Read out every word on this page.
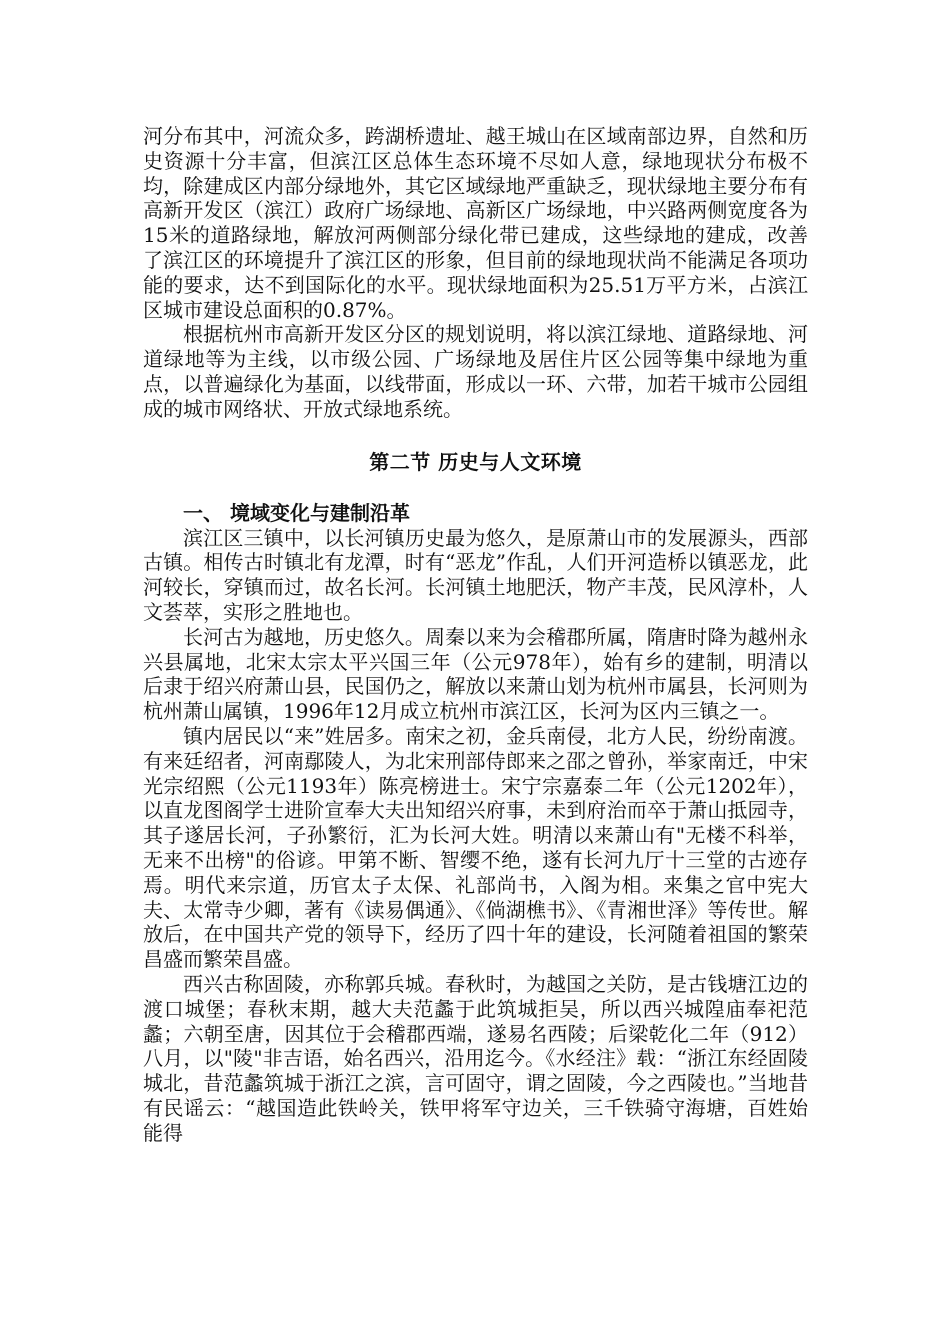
河分布其中，河流众多，跨湖桥遗址、越王城山在区域南部边界，自然和历史资源十分丰富，但滨江区总体生态环境不尽如人意，绿地现状分布极不均，除建成区内部分绿地外，其它区域绿地严重缺乏，现状绿地主要分布有高新开发区（滨江）政府广场绿地、高新区广场绿地，中兴路两侧宽度各为15米的道路绿地，解放河两侧部分绿化带已建成，这些绿地的建成，改善了滨江区的环境提升了滨江区的形象，但目前的绿地现状尚不能满足各项功能的要求，达不到国际化的水平。现状绿地面积为25.51万平方米，占滨江区城市建设总面积的0.87%。

根据杭州市高新开发区分区的规划说明，将以滨江绿地、道路绿地、河道绿地等为主线，以市级公园、广场绿地及居住片区公园等集中绿地为重点，以普遍绿化为基面，以线带面，形成以一环、六带，加若干城市公园组成的城市网络状、开放式绿地系统。

第二节 历史与人文环境
一、 境域变化与建制沿革

滨江区三镇中，以长河镇历史最为悠久，是原萧山市的发展源头，西部古镇。相传古时镇北有龙潭，时有“恶龙”作乱，人们开河造桥以镇恶龙，此河较长，穿镇而过，故名长河。长河镇土地肥沃，物产丰茂，民风淳朴，人文荟萃，实形之胜地也。

长河古为越地，历史悠久。周秦以来为会稽郡所属，隋唐时降为越州永兴县属地，北宋太宗太平兴国三年（公元978年），始有乡的建制，明清以后隶于绍兴府萧山县，民国仍之，解放以来萧山划为杭州市属县，长河则为杭州萧山属镇，1996年12月成立杭州市滨江区，长河为区内三镇之一。

镇内居民以“来”姓居多。南宋之初，金兵南侵，北方人民，纷纷南渡。有来廷绍者，河南鄢陵人，为北宋刑部侍郎来之邵之曾孙，举家南迁，中宋光宗绍熙（公元1193年）陈亮榜进士。宋宁宗嘉泰二年（公元1202年），以直龙图阁学士进阶宣奉大夫出知绍兴府事，未到府治而卒于萧山抵园寺，其子遂居长河，子孙繁衍，汇为长河大姓。明清以来萧山有"无楼不科举，无来不出榜"的俗谚。甲第不断、智缨不绝，遂有长河九厅十三堂的古迹存焉。明代来宗道，历官太子太保、礼部尚书，入阁为相。来集之官中宪大夫、太常寺少卿，著有《读易偶通》、《倘湖樵书》、《青湘世泽》等传世。解放后，在中国共产党的领导下，经历了四十年的建设，长河随着祖国的繁荣昌盛而繁荣昌盛。

西兴古称固陵，亦称郭兵城。春秋时，为越国之关防，是古钱塘江边的渡口城堡；春秋末期，越大夫范蠡于此筑城拒吴，所以西兴城隍庙奉祀范蠡；六朝至唐，因其位于会稽郡西端，遂易名西陵；后梁乾化二年（912）八月，以"陵"非吉语，始名西兴，沿用迄今。《水经注》载：“浙江东经固陵城北，昔范蠡筑城于浙江之滨，言可固守，谓之固陵，今之西陵也。”当地昔有民谣云：“越国造此铁岭关，铁甲将军守边关，三千铁骑守海塘，百姓始能得
